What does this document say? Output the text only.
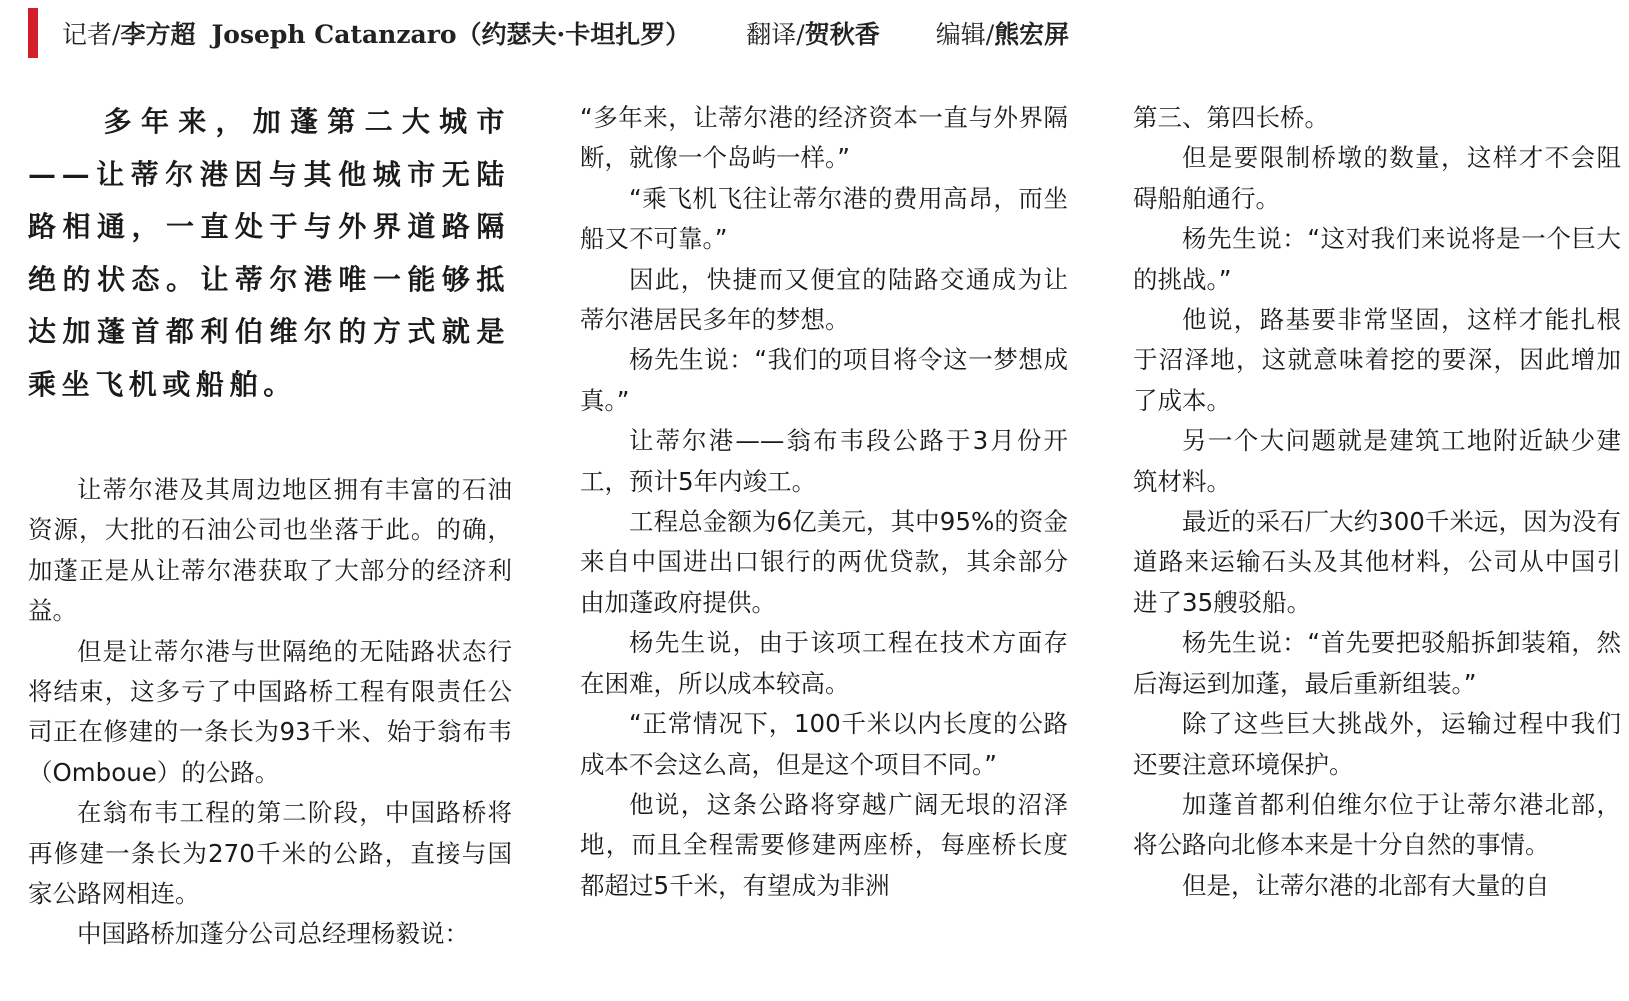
记者/ 李方超 Joseph Catanzaro（约瑟夫·卡坦扎罗） 翻译/ 贺秋香 编辑/ 熊宏屏

多年来，加蓬第二大城市——让蒂尔港因与其他城市无陆路相通，一直处于与外界道路隔绝的状态。让蒂尔港唯一能够抵达加蓬首都利伯维尔的方式就是乘坐飞机或船舶。

让蒂尔港及其周边地区拥有丰富的石油资源，大批的石油公司也坐落于此。的确，加蓬正是从让蒂尔港获取了大部分的经济利益。

但是让蒂尔港与世隔绝的无陆路状态行将结束，这多亏了中国路桥工程有限责任公司正在修建的一条长为93千米、始于翁布韦（Omboue）的公路。

在翁布韦工程的第二阶段，中国路桥将再修建一条长为270千米的公路，直接与国家公路网相连。

中国路桥加蓬分公司总经理杨毅说：

“多年来，让蒂尔港的经济资本一直与外界隔断，就像一个岛屿一样。”

“乘飞机飞往让蒂尔港的费用高昂，而坐船又不可靠。”

因此，快捷而又便宜的陆路交通成为让蒂尔港居民多年的梦想。

杨先生说：“我们的项目将令这一梦想成真。”

让蒂尔港——翁布韦段公路于3月份开工，预计5年内竣工。

工程总金额为6亿美元，其中95%的资金来自中国进出口银行的两优贷款，其余部分由加蓬政府提供。

杨先生说，由于该项工程在技术方面存在困难，所以成本较高。

“正常情况下，100千米以内长度的公路成本不会这么高，但是这个项目不同。”

他说，这条公路将穿越广阔无垠的沼泽地，而且全程需要修建两座桥，每座桥长度都超过5千米，有望成为非洲

第三、第四长桥。

但是要限制桥墩的数量，这样才不会阻碍船舶通行。

杨先生说：“这对我们来说将是一个巨大的挑战。”

他说，路基要非常坚固，这样才能扎根于沼泽地，这就意味着挖的要深，因此增加了成本。

另一个大问题就是建筑工地附近缺少建筑材料。

最近的采石厂大约300千米远，因为没有道路来运输石头及其他材料，公司从中国引进了35艘驳船。

杨先生说：“首先要把驳船拆卸装箱，然后海运到加蓬，最后重新组装。”

除了这些巨大挑战外，运输过程中我们还要注意环境保护。

加蓬首都利伯维尔位于让蒂尔港北部，将公路向北修本来是十分自然的事情。

但是，让蒂尔港的北部有大量的自
